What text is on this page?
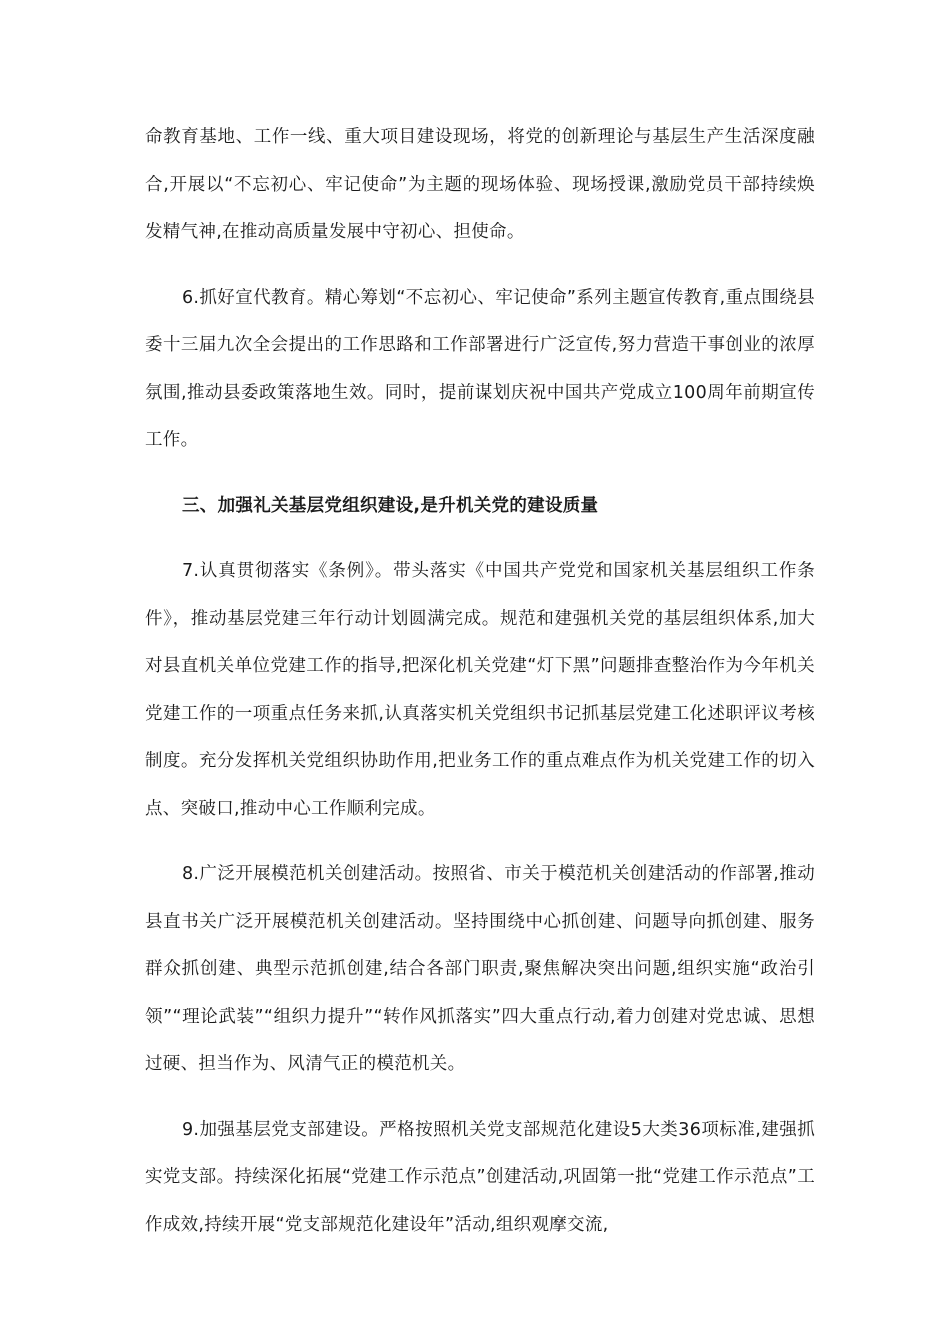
命教育基地、工作一线、重大项目建设现场，将党的创新理论与基层生产生活深度融合,开展以“不忘初心、牢记使命”为主题的现场体验、现场授课,激励党员干部持续焕发精气神,在推动高质量发展中守初心、担使命。

6.抓好宣代教育。精心筹划“不忘初心、牢记使命”系列主题宣传教育,重点围绕县委十三届九次全会提出的工作思路和工作部署进行广泛宣传,努力营造干事创业的浓厚氛围,推动县委政策落地生效。同时，提前谋划庆祝中国共产党成立100周年前期宣传工作。

三、加强礼关基层党组织建设,是升机关党的建设质量

7.认真贯彻落实《条例》。带头落实《中国共产党党和国家机关基层组织工作条件》，推动基层党建三年行动计划圆满完成。规范和建强机关党的基层组织体系,加大对县直机关单位党建工作的指导,把深化机关党建“灯下黑”问题排查整治作为今年机关党建工作的一项重点任务来抓,认真落实机关党组织书记抓基层党建工化述职评议考核制度。充分发挥机关党组织协助作用,把业务工作的重点难点作为机关党建工作的切入点、突破口,推动中心工作顺利完成。

8.广泛开展模范机关创建活动。按照省、市关于模范机关创建活动的作部署,推动县直书关广泛开展模范机关创建活动。坚持围绕中心抓创建、问题导向抓创建、服务群众抓创建、典型示范抓创建,结合各部门职责,聚焦解决突出问题,组织实施“政治引领”“理论武装”“组织力提升”“转作风抓落实”四大重点行动,着力创建对党忠诚、思想过硬、担当作为、风清气正的模范机关。

9.加强基层党支部建设。严格按照机关党支部规范化建设5大类36项标准,建强抓实党支部。持续深化拓展“党建工作示范点”创建活动,巩固第一批“党建工作示范点”工作成效,持续开展“党支部规范化建设年”活动,组织观摩交流,
